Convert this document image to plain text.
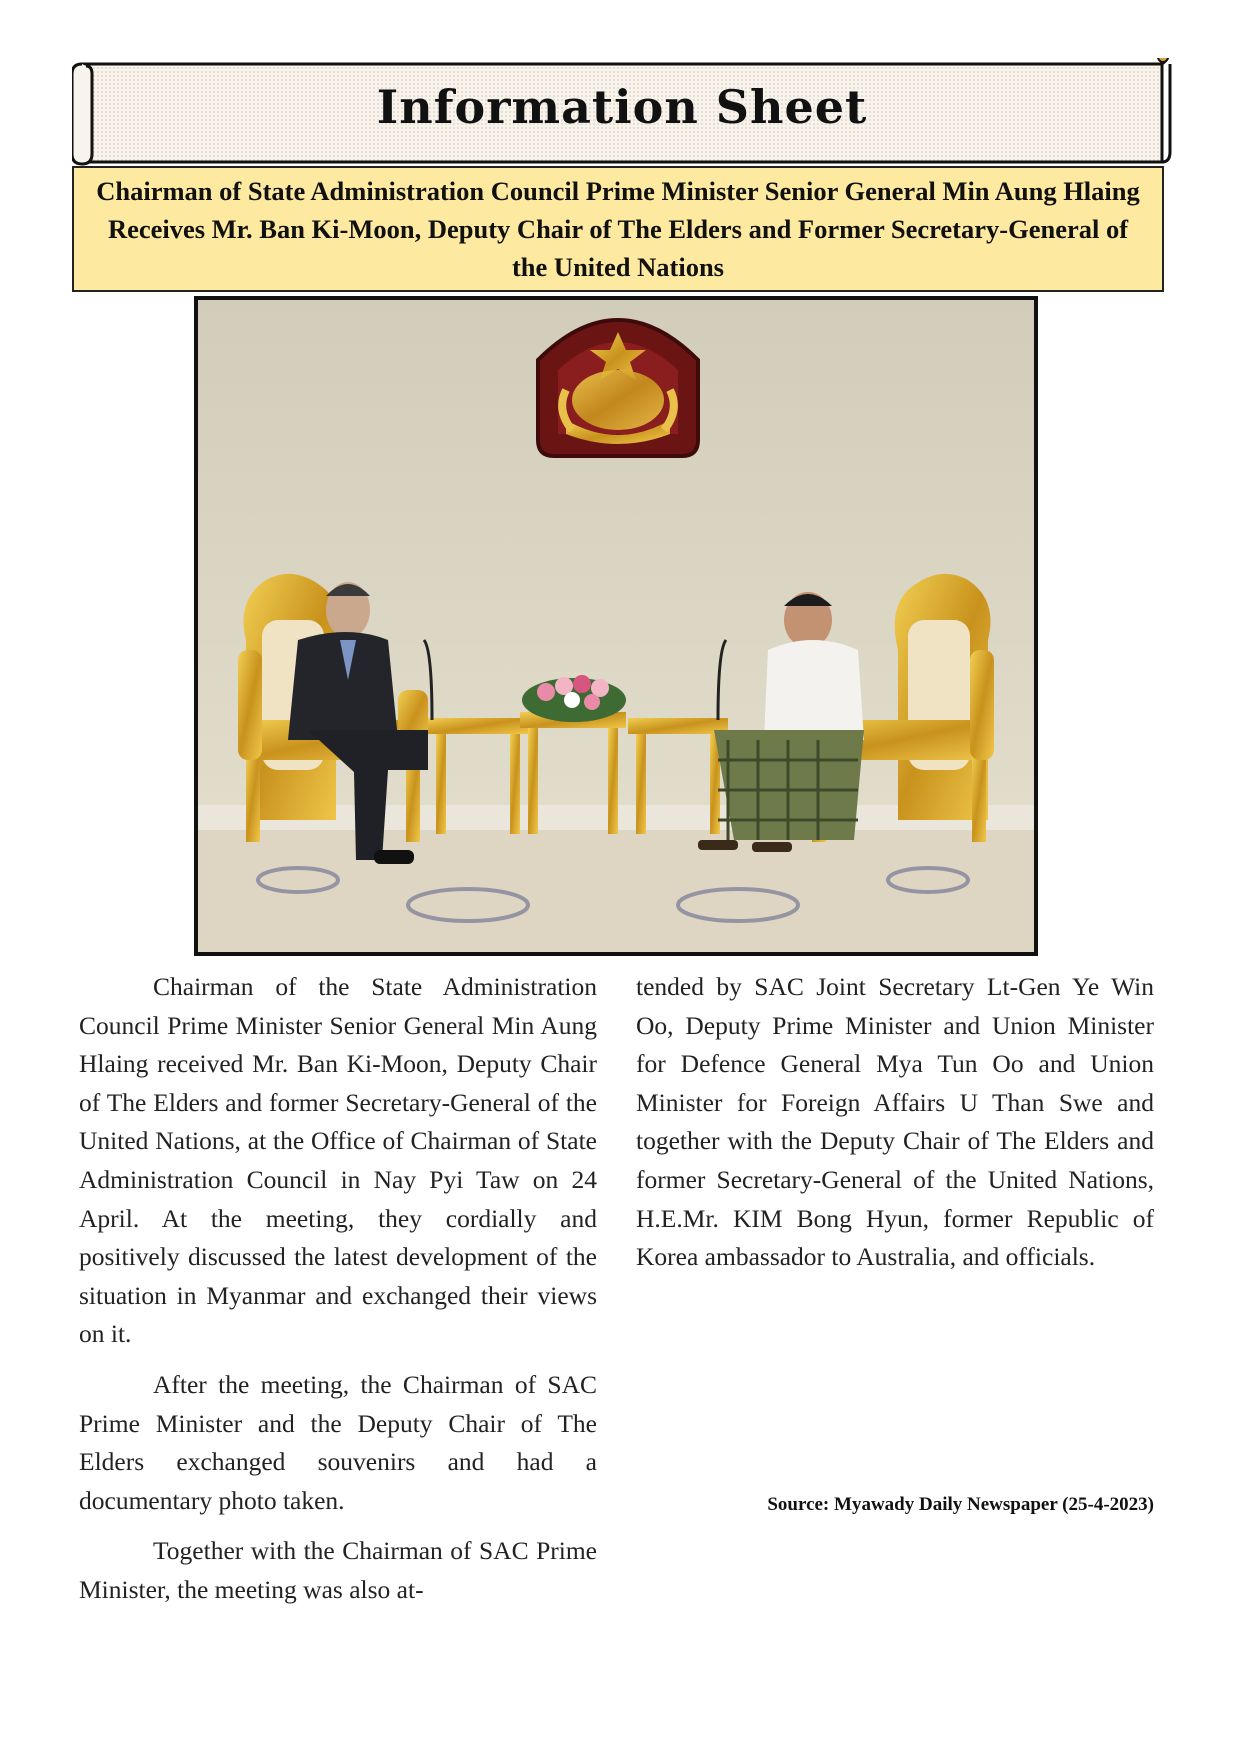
Information Sheet
Chairman of State Administration Council Prime Minister Senior General Min Aung Hlaing Receives Mr. Ban Ki-Moon, Deputy Chair of The Elders and Former Secretary-General of the United Nations

Chairman of the State Administration Council Prime Minister Senior General Min Aung Hlaing received Mr. Ban Ki-Moon, Deputy Chair of The Elders and former Secretary-General of the United Nations, at the Office of Chairman of State Administration Council in Nay Pyi Taw on 24 April. At the meeting, they cordially and positively discussed the latest development of the situation in Myanmar and exchanged their views on it.

After the meeting, the Chairman of SAC Prime Minister and the Deputy Chair of The Elders exchanged souvenirs and had a documentary photo taken.

Together with the Chairman of SAC Prime Minister, the meeting was also at-

tended by SAC Joint Secretary Lt-Gen Ye Win Oo, Deputy Prime Minister and Union Minister for Defence General Mya Tun Oo and Union Minister for Foreign Affairs U Than Swe and together with the Deputy Chair of The Elders and former Secretary-General of the United Nations, H.E.Mr. KIM Bong Hyun, former Republic of Korea ambassador to Australia, and officials.

Source: Myawady Daily Newspaper (25-4-2023)
